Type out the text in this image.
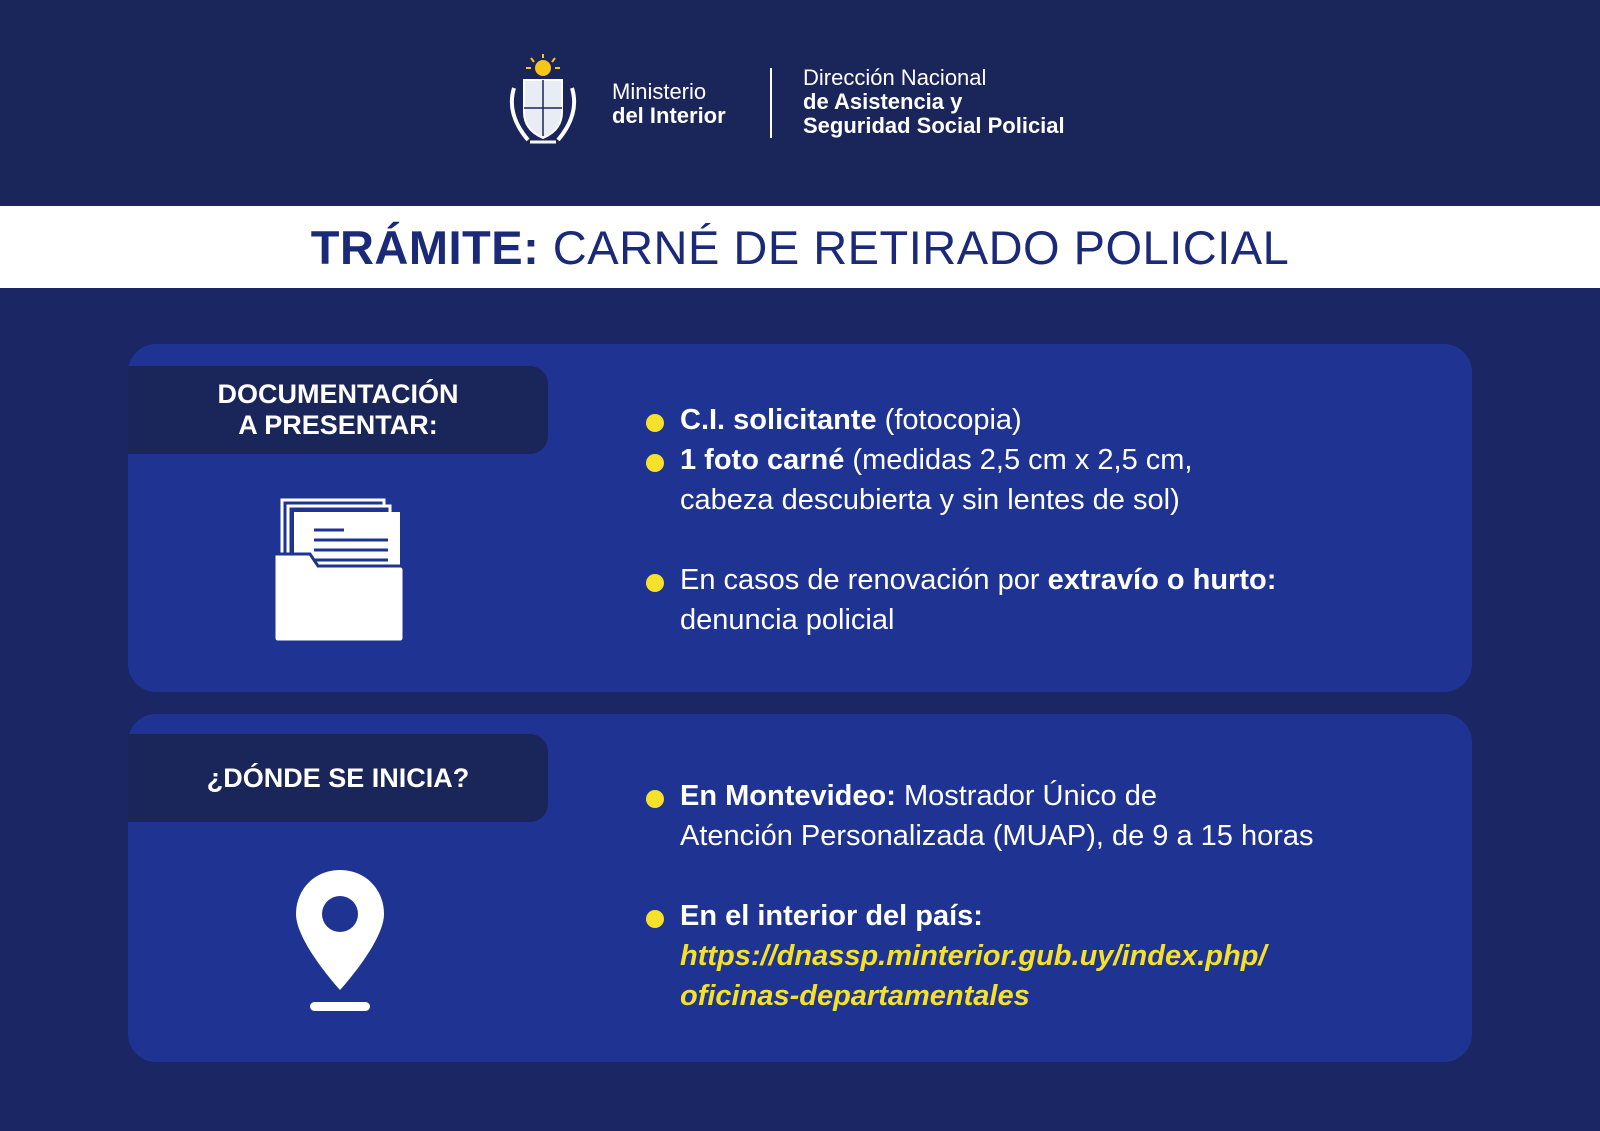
Ministerio
del Interior
Dirección Nacional
de Asistencia y
Seguridad Social Policial
TRÁMITE: CARNÉ DE RETIRADO POLICIAL
DOCUMENTACIÓN
A PRESENTAR:	C.I. solicitante (fotocopia)
1 foto carné (medidas 2,5 cm x 2,5 cm,
cabeza descubierta y sin lentes de sol)
En casos de renovación por extravío o hurto:
denuncia policial
¿DÓNDE SE INICIA?
En Montevideo: Mostrador Único de
Atención Personalizada (MUAP), de 9 a 15 horas
En el interior del país:
https://dnassp.minterior.gub.uy/index.php/
oficinas-departamentales
